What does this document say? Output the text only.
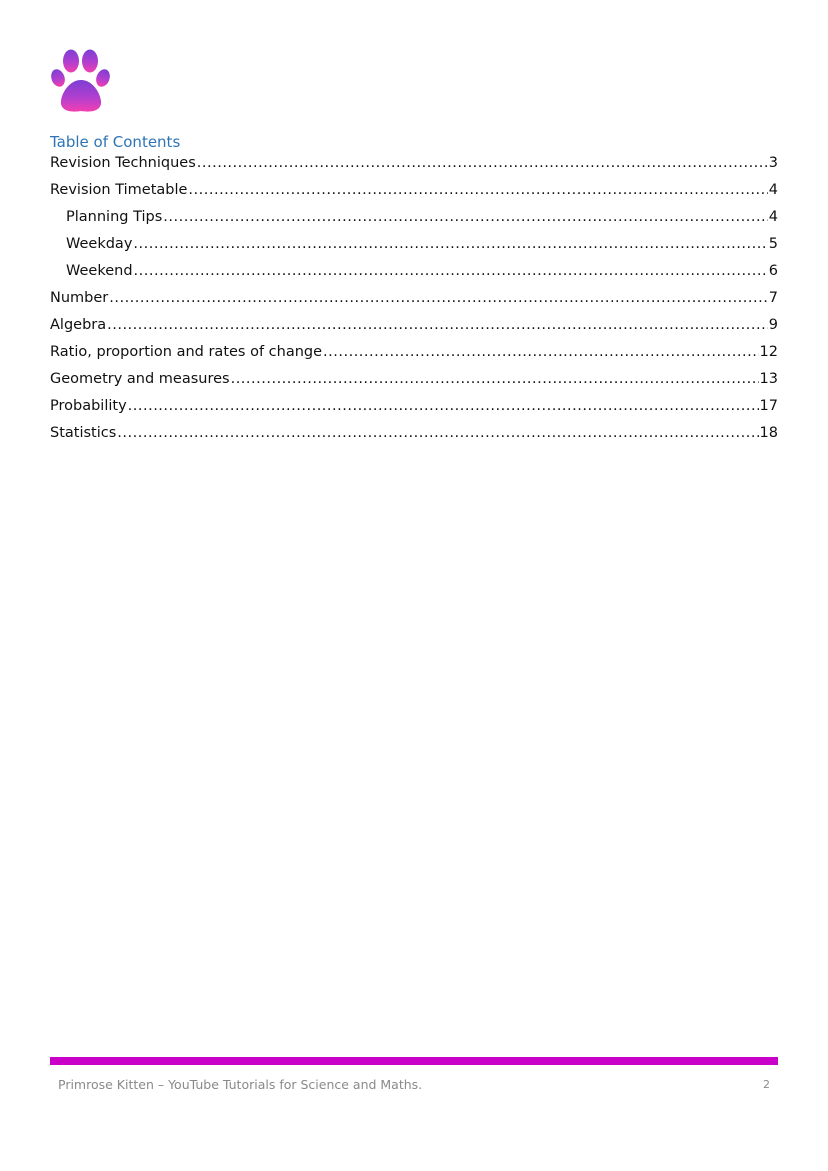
Table of Contents
Revision Techniques .....	3
Revision Timetable .....	4
Planning Tips .....	4
Weekday .....	5
Weekend .....	6
Number .....	7
Algebra .....	9
Ratio, proportion and rates of change .....	12
Geometry and measures .....	13
Probability .....	17
Statistics .....	18
Primrose Kitten – YouTube Tutorials for Science and Maths.	2
